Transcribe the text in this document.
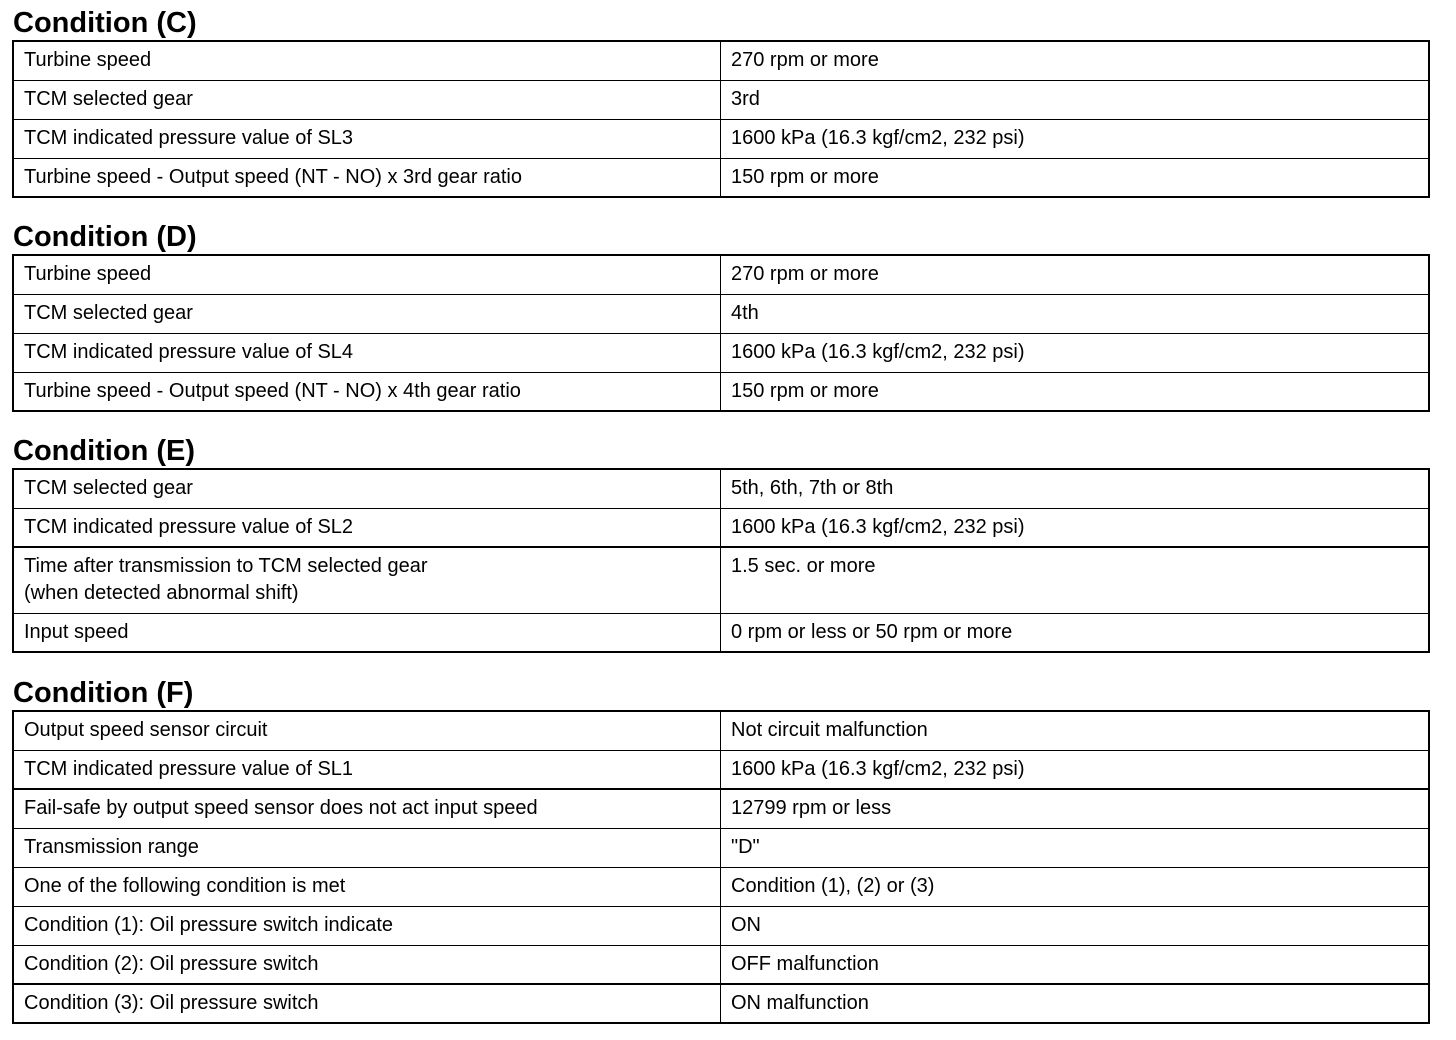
Condition (C)
Turbine speed	270 rpm or more
TCM selected gear	3rd
TCM indicated pressure value of SL3	1600 kPa (16.3 kgf/cm2, 232 psi)
Turbine speed - Output speed (NT - NO) x 3rd gear ratio	150 rpm or more
Condition (D)
Turbine speed	270 rpm or more
TCM selected gear	4th
TCM indicated pressure value of SL4	1600 kPa (16.3 kgf/cm2, 232 psi)
Turbine speed - Output speed (NT - NO) x 4th gear ratio	150 rpm or more
Condition (E)
TCM selected gear	5th, 6th, 7th or 8th
TCM indicated pressure value of SL2	1600 kPa (16.3 kgf/cm2, 232 psi)
Time after transmission to TCM selected gear
(when detected abnormal shift)	1.5 sec. or more
Input speed	0 rpm or less or 50 rpm or more
Condition (F)
Output speed sensor circuit	Not circuit malfunction
TCM indicated pressure value of SL1	1600 kPa (16.3 kgf/cm2, 232 psi)
Fail-safe by output speed sensor does not act input speed	12799 rpm or less
Transmission range	"D"
One of the following condition is met	Condition (1), (2) or (3)
Condition (1): Oil pressure switch indicate	ON
Condition (2): Oil pressure switch	OFF malfunction
Condition (3): Oil pressure switch	ON malfunction
